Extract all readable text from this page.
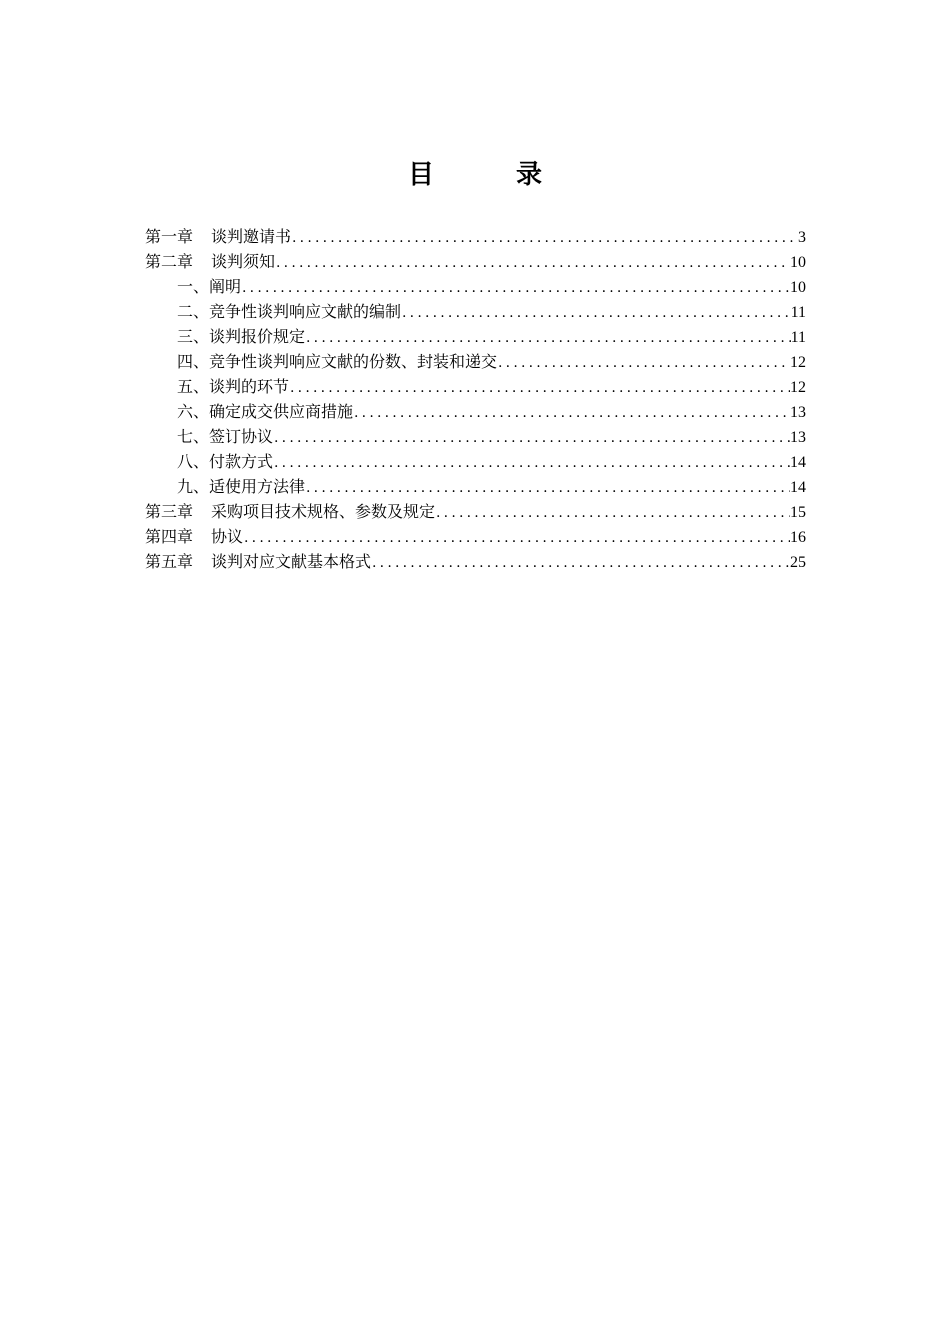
目　录
第一章 谈判邀请书 .....	3
第二章 谈判须知 .....	10
一、阐明 .....	10
二、竞争性谈判响应文献的编制 .....	11
三、谈判报价规定 .....	11
四、竞争性谈判响应文献的份数、封装和递交 .....	12
五、谈判的环节 .....	12
六、确定成交供应商措施 .....	13
七、签订协议 .....	13
八、付款方式 .....	14
九、适使用方法律 .....	14
第三章 采购项目技术规格、参数及规定 .....	15
第四章 协议 .....	16
第五章 谈判对应文献基本格式 .....	25
